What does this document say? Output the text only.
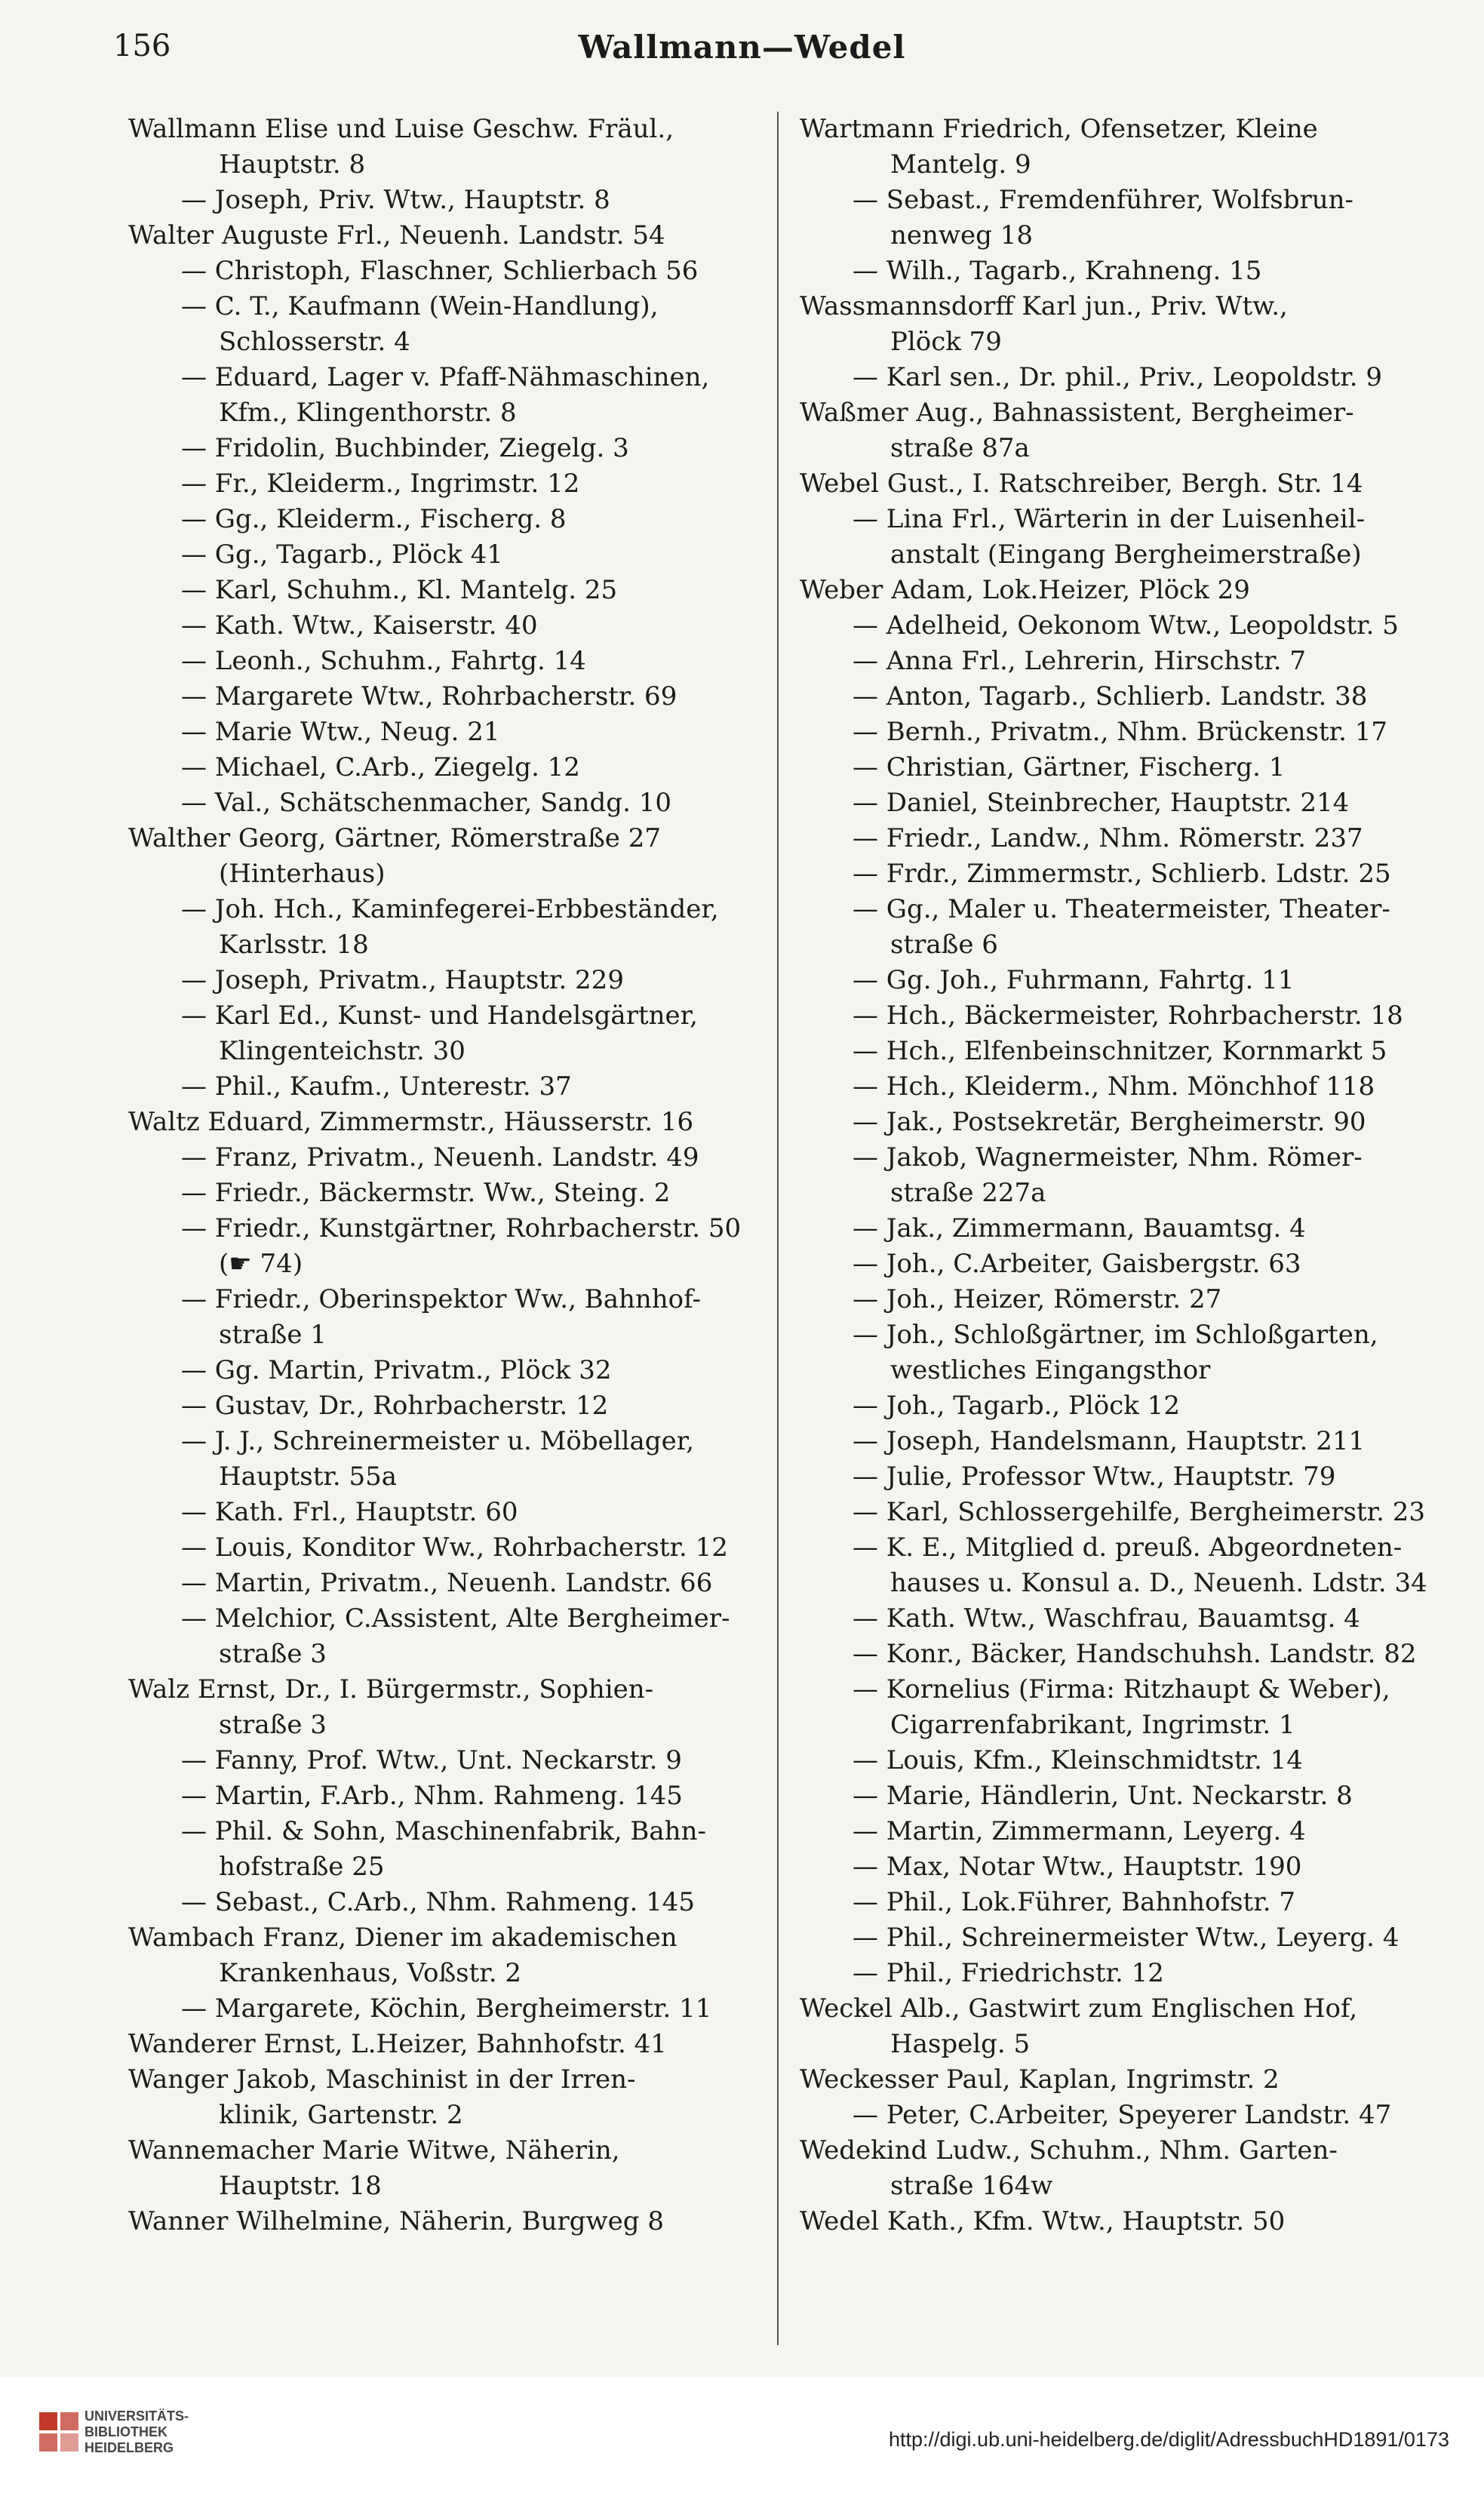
156	Wallmann—Wedel
Wallmann Elise und Luise Geschw. Fräul.,
Hauptstr. 8
— Joseph, Priv. Wtw., Hauptstr. 8
Walter Auguste Frl., Neuenh. Landstr. 54
— Christoph, Flaschner, Schlierbach 56
— C. T., Kaufmann (Wein-Handlung),
Schlosserstr. 4
— Eduard, Lager v. Pfaff-Nähmaschinen,
Kfm., Klingenthorstr. 8
— Fridolin, Buchbinder, Ziegelg. 3
— Fr., Kleiderm., Ingrimstr. 12
— Gg., Kleiderm., Fischerg. 8
— Gg., Tagarb., Plöck 41
— Karl, Schuhm., Kl. Mantelg. 25
— Kath. Wtw., Kaiserstr. 40
— Leonh., Schuhm., Fahrtg. 14
— Margarete Wtw., Rohrbacherstr. 69
— Marie Wtw., Neug. 21
— Michael, C.Arb., Ziegelg. 12
— Val., Schätschenmacher, Sandg. 10
Walther Georg, Gärtner, Römerstraße 27
(Hinterhaus)
— Joh. Hch., Kaminfegerei-Erbbeständer,
Karlsstr. 18
— Joseph, Privatm., Hauptstr. 229
— Karl Ed., Kunst- und Handelsgärtner,
Klingenteichstr. 30
— Phil., Kaufm., Unterestr. 37
Waltz Eduard, Zimmermstr., Häusserstr. 16
— Franz, Privatm., Neuenh. Landstr. 49
— Friedr., Bäckermstr. Ww., Steing. 2
— Friedr., Kunstgärtner, Rohrbacherstr. 50
(☛ 74)
— Friedr., Oberinspektor Ww., Bahnhof-
straße 1
— Gg. Martin, Privatm., Plöck 32
— Gustav, Dr., Rohrbacherstr. 12
— J. J., Schreinermeister u. Möbellager,
Hauptstr. 55a
— Kath. Frl., Hauptstr. 60
— Louis, Konditor Ww., Rohrbacherstr. 12
— Martin, Privatm., Neuenh. Landstr. 66
— Melchior, C.Assistent, Alte Bergheimer-
straße 3
Walz Ernst, Dr., I. Bürgermstr., Sophien-
straße 3
— Fanny, Prof. Wtw., Unt. Neckarstr. 9
— Martin, F.Arb., Nhm. Rahmeng. 145
— Phil. & Sohn, Maschinenfabrik, Bahn-
hofstraße 25
— Sebast., C.Arb., Nhm. Rahmeng. 145
Wambach Franz, Diener im akademischen
Krankenhaus, Voßstr. 2
— Margarete, Köchin, Bergheimerstr. 11
Wanderer Ernst, L.Heizer, Bahnhofstr. 41
Wanger Jakob, Maschinist in der Irren-
klinik, Gartenstr. 2
Wannemacher Marie Witwe, Näherin,
Hauptstr. 18
Wanner Wilhelmine, Näherin, Burgweg 8
Wartmann Friedrich, Ofensetzer, Kleine
Mantelg. 9
— Sebast., Fremdenführer, Wolfsbrun-
nenweg 18
— Wilh., Tagarb., Krahneng. 15
Wassmannsdorff Karl jun., Priv. Wtw.,
Plöck 79
— Karl sen., Dr. phil., Priv., Leopoldstr. 9
Waßmer Aug., Bahnassistent, Bergheimer-
straße 87a
Webel Gust., I. Ratschreiber, Bergh. Str. 14
— Lina Frl., Wärterin in der Luisenheil-
anstalt (Eingang Bergheimerstraße)
Weber Adam, Lok.Heizer, Plöck 29
— Adelheid, Oekonom Wtw., Leopoldstr. 5
— Anna Frl., Lehrerin, Hirschstr. 7
— Anton, Tagarb., Schlierb. Landstr. 38
— Bernh., Privatm., Nhm. Brückenstr. 17
— Christian, Gärtner, Fischerg. 1
— Daniel, Steinbrecher, Hauptstr. 214
— Friedr., Landw., Nhm. Römerstr. 237
— Frdr., Zimmermstr., Schlierb. Ldstr. 25
— Gg., Maler u. Theatermeister, Theater-
straße 6
— Gg. Joh., Fuhrmann, Fahrtg. 11
— Hch., Bäckermeister, Rohrbacherstr. 18
— Hch., Elfenbeinschnitzer, Kornmarkt 5
— Hch., Kleiderm., Nhm. Mönchhof 118
— Jak., Postsekretär, Bergheimerstr. 90
— Jakob, Wagnermeister, Nhm. Römer-
straße 227a
— Jak., Zimmermann, Bauamtsg. 4
— Joh., C.Arbeiter, Gaisbergstr. 63
— Joh., Heizer, Römerstr. 27
— Joh., Schloßgärtner, im Schloßgarten,
westliches Eingangsthor
— Joh., Tagarb., Plöck 12
— Joseph, Handelsmann, Hauptstr. 211
— Julie, Professor Wtw., Hauptstr. 79
— Karl, Schlossergehilfe, Bergheimerstr. 23
— K. E., Mitglied d. preuß. Abgeordneten-
hauses u. Konsul a. D., Neuenh. Ldstr. 34
— Kath. Wtw., Waschfrau, Bauamtsg. 4
— Konr., Bäcker, Handschuhsh. Landstr. 82
— Kornelius (Firma: Ritzhaupt & Weber),
Cigarrenfabrikant, Ingrimstr. 1
— Louis, Kfm., Kleinschmidtstr. 14
— Marie, Händlerin, Unt. Neckarstr. 8
— Martin, Zimmermann, Leyerg. 4
— Max, Notar Wtw., Hauptstr. 190
— Phil., Lok.Führer, Bahnhofstr. 7
— Phil., Schreinermeister Wtw., Leyerg. 4
— Phil., Friedrichstr. 12
Weckel Alb., Gastwirt zum Englischen Hof,
Haspelg. 5
Weckesser Paul, Kaplan, Ingrimstr. 2
— Peter, C.Arbeiter, Speyerer Landstr. 47
Wedekind Ludw., Schuhm., Nhm. Garten-
straße 164w
Wedel Kath., Kfm. Wtw., Hauptstr. 50
UNIVERSITÄTS-
BIBLIOTHEK
HEIDELBERG	http://digi.ub.uni-heidelberg.de/diglit/AdressbuchHD1891/0173
